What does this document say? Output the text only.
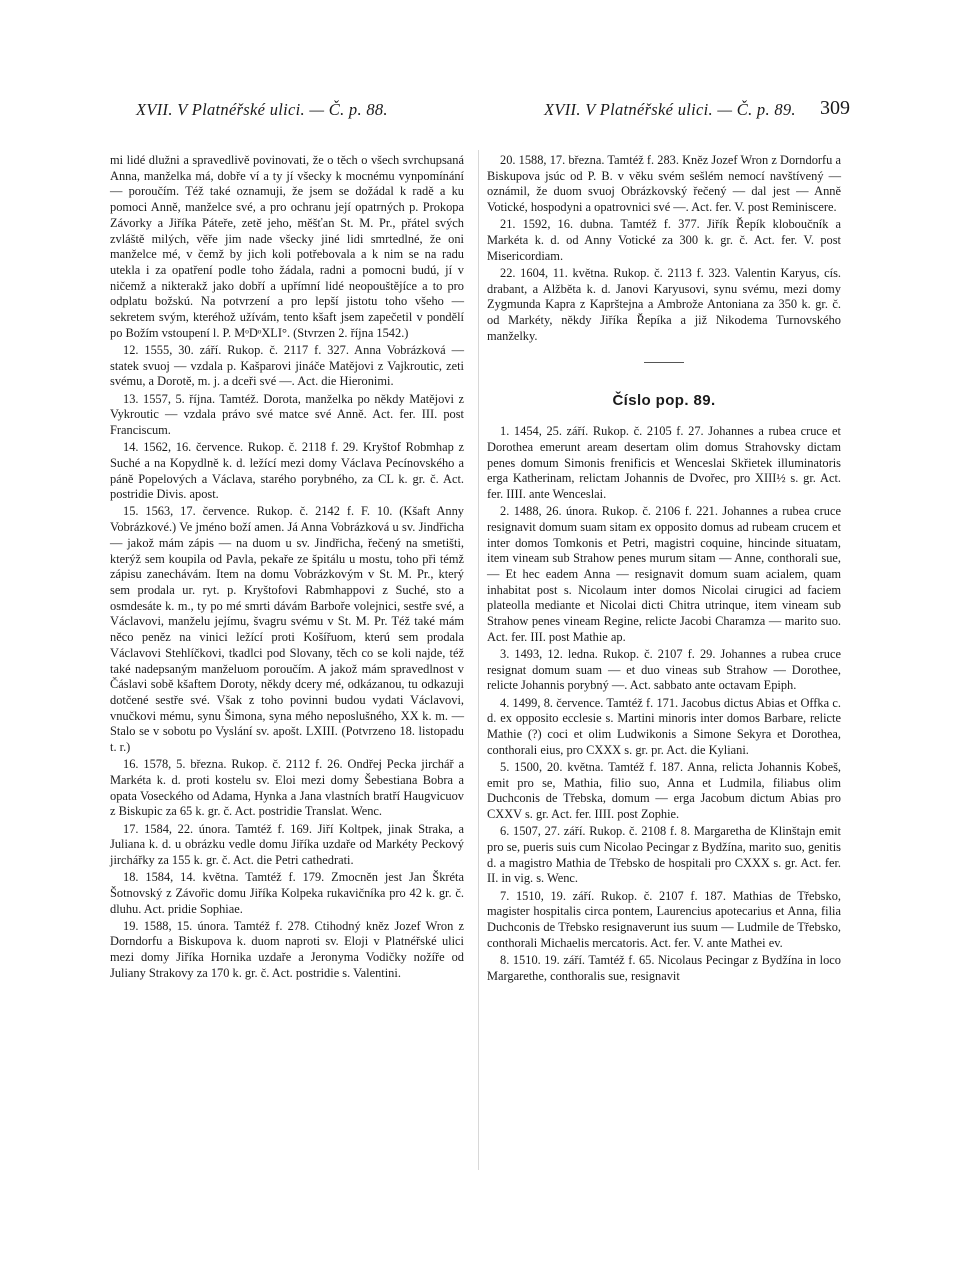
XVII. V Platnéřské ulici. — Č. p. 88.	XVII. V Platnéřské ulici. — Č. p. 89. 309

mi lidé dlužni a spravedlivě povinovati, že o těch o všech svrchupsaná Anna, manželka má, dobře ví a ty jí všecky k mocnému vynpomínání — poroučím. Též také oznamuji, že jsem se dožádal k radě a ku pomoci Anně, manželce své, a pro ochranu její opatrných p. Prokopa Závorky a Jiříka Páteře, zetě jeho, měšťan St. M. Pr., přátel svých zvláště milých, věře jim nade všecky jiné lidi smrtedlné, že oni manželce mé, v čemž by jich koli potřebovala a k nim se na radu utekla i za opatření podle toho žádala, radni a pomocni budú, jí v ničemž a nikterakž jako dobří a upřímní lidé neopouštějíce a to pro odplatu božskú. Na potvrzení a pro lepší jistotu toho všeho — sekretem svým, kteréhož užívám, tento kšaft jsem zapečetil v pondělí po Božím vstoupení l. P. MᵒDᵒXLI°. (Stvrzen 2. října 1542.)

12. 1555, 30. září. Rukop. č. 2117 f. 327. Anna Vobrázková — statek svuoj — vzdala p. Kašparovi jináče Matějovi z Vajkroutic, zeti svému, a Dorotě, m. j. a dceři své —. Act. die Hieronimi.

13. 1557, 5. října. Tamtéž. Dorota, manželka po někdy Matějovi z Vykroutic — vzdala právo své matce své Anně. Act. fer. III. post Franciscum.

14. 1562, 16. července. Rukop. č. 2118 f. 29. Kryštof Robmhap z Suché a na Kopydlně k. d. ležící mezi domy Václava Pecínovského a páně Popelových a Václava, starého porybného, za CL k. gr. č. Act. postridie Divis. apost.

15. 1563, 17. července. Rukop. č. 2142 f. F. 10. (Kšaft Anny Vobrázkové.) Ve jméno boží amen. Já Anna Vobrázková u sv. Jindřicha — jakož mám zápis — na duom u sv. Jindřicha, řečený na smetišti, kterýž sem koupila od Pavla, pekaře ze špitálu u mostu, toho při témž zápisu zanechávám. Item na domu Vobrázkovým v St. M. Pr., který sem prodala ur. ryt. p. Kryštofovi Rabmhappovi z Suché, sto a osmdesáte k. m., ty po mé smrti dávám Barboře volejnici, sestře své, a Václavovi, manželu jejímu, švagru svému v St. M. Pr. Též také mám něco peněz na vinici ležící proti Košířuom, kterú sem prodala Václavovi Stehlíčkovi, tkadlci pod Slovany, těch co se koli najde, též také nadepsaným manželuom poroučím. A jakož mám spravedlnost v Čáslavi sobě kšaftem Doroty, někdy dcery mé, odkázanou, tu odkazuji dotčené sestře své. Však z toho povinni budou vydati Václavovi, vnučkovi mému, synu Šimona, syna mého neposlušného, XX k. m. — Stalo se v sobotu po Vyslání sv. apošt. LXIII. (Potvrzeno 18. listopadu t. r.)

16. 1578, 5. března. Rukop. č. 2112 f. 26. Ondřej Pecka jirchář a Markéta k. d. proti kostelu sv. Eloi mezi domy Šebestiana Bobra a opata Voseckého od Adama, Hynka a Jana vlastních bratří Haugvicuov z Biskupic za 65 k. gr. č. Act. postridie Translat. Wenc.

17. 1584, 22. února. Tamtéž f. 169. Jiří Koltpek, jinak Straka, a Juliana k. d. u obrázku vedle domu Jiříka uzdaře od Markéty Peckový jirchářky za 155 k. gr. č. Act. die Petri cathedrati.

18. 1584, 14. května. Tamtéž f. 179. Zmocněn jest Jan Škréta Šotnovský z Závořic domu Jiříka Kolpeka rukavičníka pro 42 k. gr. č. dluhu. Act. pridie Sophiae.

19. 1588, 15. února. Tamtéž f. 278. Ctihodný kněz Jozef Wron z Dorndorfu a Biskupova k. duom naproti sv. Eloji v Platnéřské ulici mezi domy Jiříka Hornika uzdaře a Jeronyma Vodičky nožíře od Juliany Strakovy za 170 k. gr. č. Act. postridie s. Valentini.

20. 1588, 17. března. Tamtéž f. 283. Kněz Jozef Wron z Dorndorfu a Biskupova jsúc od P. B. v věku svém sešlém nemocí navštívený — oznámil, že duom svuoj Obrázkovský řečený — dal jest — Anně Votické, hospodyni a opatrovnici své —. Act. fer. V. post Reminiscere.

21. 1592, 16. dubna. Tamtéž f. 377. Jiřík Řepík kloboučník a Markéta k. d. od Anny Votické za 300 k. gr. č. Act. fer. V. post Misericordiam.

22. 1604, 11. května. Rukop. č. 2113 f. 323. Valentin Karyus, cís. drabant, a Alžběta k. d. Janovi Karyusovi, synu svému, mezi domy Zygmunda Kapra z Kapršteјna a Ambrože Antoniana za 350 k. gr. č. od Markéty, někdy Jiříka Řepíka a již Nikodema Turnovského manželky.

Číslo pop. 89.

1. 1454, 25. září. Rukop. č. 2105 f. 27. Johannes a rubea cruce et Dorothea emerunt aream desertam olim domus Strahovsky dictam penes domum Simonis frenificis et Wenceslai Skřietek illuminatoris erga Katherinam, relictam Johannis de Dvořec, pro XIII½ s. gr. Act. fer. IIII. ante Wenceslai.

2. 1488, 26. února. Rukop. č. 2106 f. 221. Johannes a rubea cruce resignavit domum suam sitam ex opposito domus ad rubeam crucem et inter domos Tomkonis et Petri, magistri coquine, hincinde situatam, item vineam sub Strahow penes murum sitam — Anne, conthorali sue, — Et hec eadem Anna — resignavit domum suam acialem, quam inhabitat post s. Nicolaum inter domos Nicolai cirugici ad faciem plateolla mediante et Nicolai dicti Chitra utrinque, item vineam sub Strahow penes vineam Regine, relicte Jacobi Charamza — marito suo. Act. fer. III. post Mathie ap.

3. 1493, 12. ledna. Rukop. č. 2107 f. 29. Johannes a rubea cruce resignat domum suam — et duo vineas sub Strahow — Dorothee, relicte Johannis porybný —. Act. sabbato ante octavam Epiph.

4. 1499, 8. července. Tamtéž f. 171. Jacobus dictus Abias et Offka c. d. ex opposito ecclesie s. Martini minoris inter domos Barbare, relicte Mathie (?) coci et olim Ludwikonis a Simone Sekyra et Dorothea, conthorali eius, pro CXXX s. gr. pr. Act. die Kyliani.

5. 1500, 20. května. Tamtéž f. 187. Anna, relicta Johannis Kobeš, emit pro se, Mathia, filio suo, Anna et Ludmila, filiabus olim Duchconis de Třebska, domum — erga Jacobum dictum Abias pro CXXV s. gr. Act. fer. IIII. post Zophie.

6. 1507, 27. září. Rukop. č. 2108 f. 8. Margaretha de Klinštajn emit pro se, pueris suis cum Nicolao Pecingar z Bydžína, marito suo, genitis d. a magistro Mathia de Třebsko de hospitali pro CXXX s. gr. Act. fer. II. in vig. s. Wenc.

7. 1510, 19. září. Rukop. č. 2107 f. 187. Mathias de Třebsko, magister hospitalis circa pontem, Laurencius apotecarius et Anna, filia Duchconis de Třebsko resignaverunt ius suum — Ludmile de Třebsko, conthorali Michaelis mercatoris. Act. fer. V. ante Mathei ev.

8. 1510. 19. září. Tamtéž f. 65. Nicolaus Pecingar z Bydžína in loco Margarethe, conthoralis sue, resignavit
